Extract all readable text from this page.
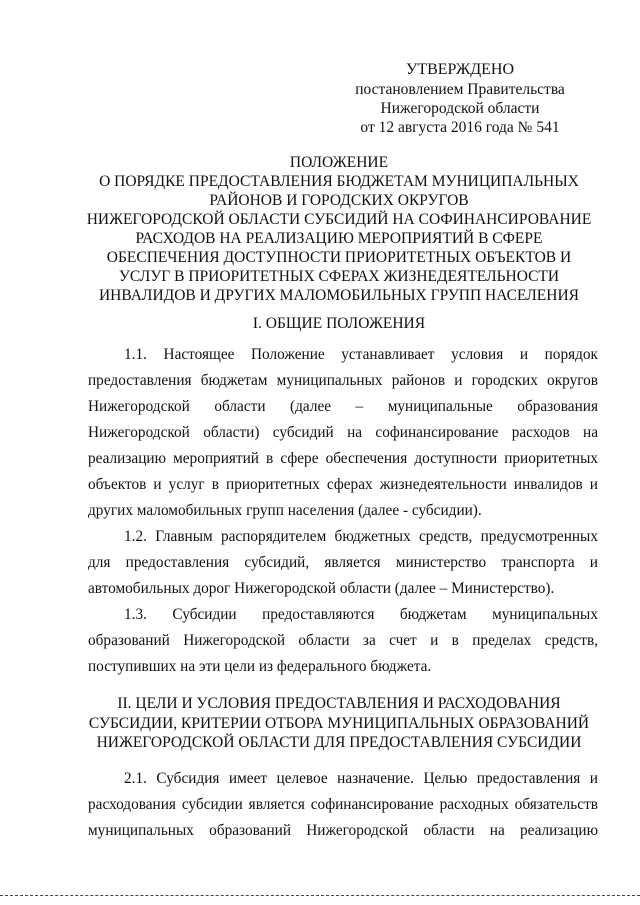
УТВЕРЖДЕНО
постановлением Правительства
Нижегородской области
от 12 августа 2016 года № 541
ПОЛОЖЕНИЕ
О ПОРЯДКЕ ПРЕДОСТАВЛЕНИЯ БЮДЖЕТАМ МУНИЦИПАЛЬНЫХ
РАЙОНОВ И ГОРОДСКИХ ОКРУГОВ
НИЖЕГОРОДСКОЙ ОБЛАСТИ СУБСИДИЙ НА СОФИНАНСИРОВАНИЕ
РАСХОДОВ НА РЕАЛИЗАЦИЮ МЕРОПРИЯТИЙ В СФЕРЕ
ОБЕСПЕЧЕНИЯ ДОСТУПНОСТИ ПРИОРИТЕТНЫХ ОБЪЕКТОВ И
УСЛУГ В ПРИОРИТЕТНЫХ СФЕРАХ ЖИЗНЕДЕЯТЕЛЬНОСТИ
ИНВАЛИДОВ И ДРУГИХ МАЛОМОБИЛЬНЫХ ГРУПП НАСЕЛЕНИЯ
I. ОБЩИЕ ПОЛОЖЕНИЯ
1.1. Настоящее Положение устанавливает условия и порядок
предоставления бюджетам муниципальных районов и городских округов
Нижегородской области (далее – муниципальные образования
Нижегородской области) субсидий на софинансирование расходов на
реализацию мероприятий в сфере обеспечения доступности приоритетных
объектов и услуг в приоритетных сферах жизнедеятельности инвалидов и
других маломобильных групп населения (далее - субсидии).
1.2. Главным распорядителем бюджетных средств, предусмотренных
для предоставления субсидий, является министерство транспорта и
автомобильных дорог Нижегородской области (далее – Министерство).
1.3. Субсидии предоставляются бюджетам муниципальных
образований Нижегородской области за счет и в пределах средств,
поступивших на эти цели из федерального бюджета.
II. ЦЕЛИ И УСЛОВИЯ ПРЕДОСТАВЛЕНИЯ И РАСХОДОВАНИЯ
СУБСИДИИ, КРИТЕРИИ ОТБОРА МУНИЦИПАЛЬНЫХ ОБРАЗОВАНИЙ
НИЖЕГОРОДСКОЙ ОБЛАСТИ ДЛЯ ПРЕДОСТАВЛЕНИЯ СУБСИДИИ
2.1. Субсидия имеет целевое назначение. Целью предоставления и
расходования субсидии является софинансирование расходных обязательств
муниципальных образований Нижегородской области на реализацию
